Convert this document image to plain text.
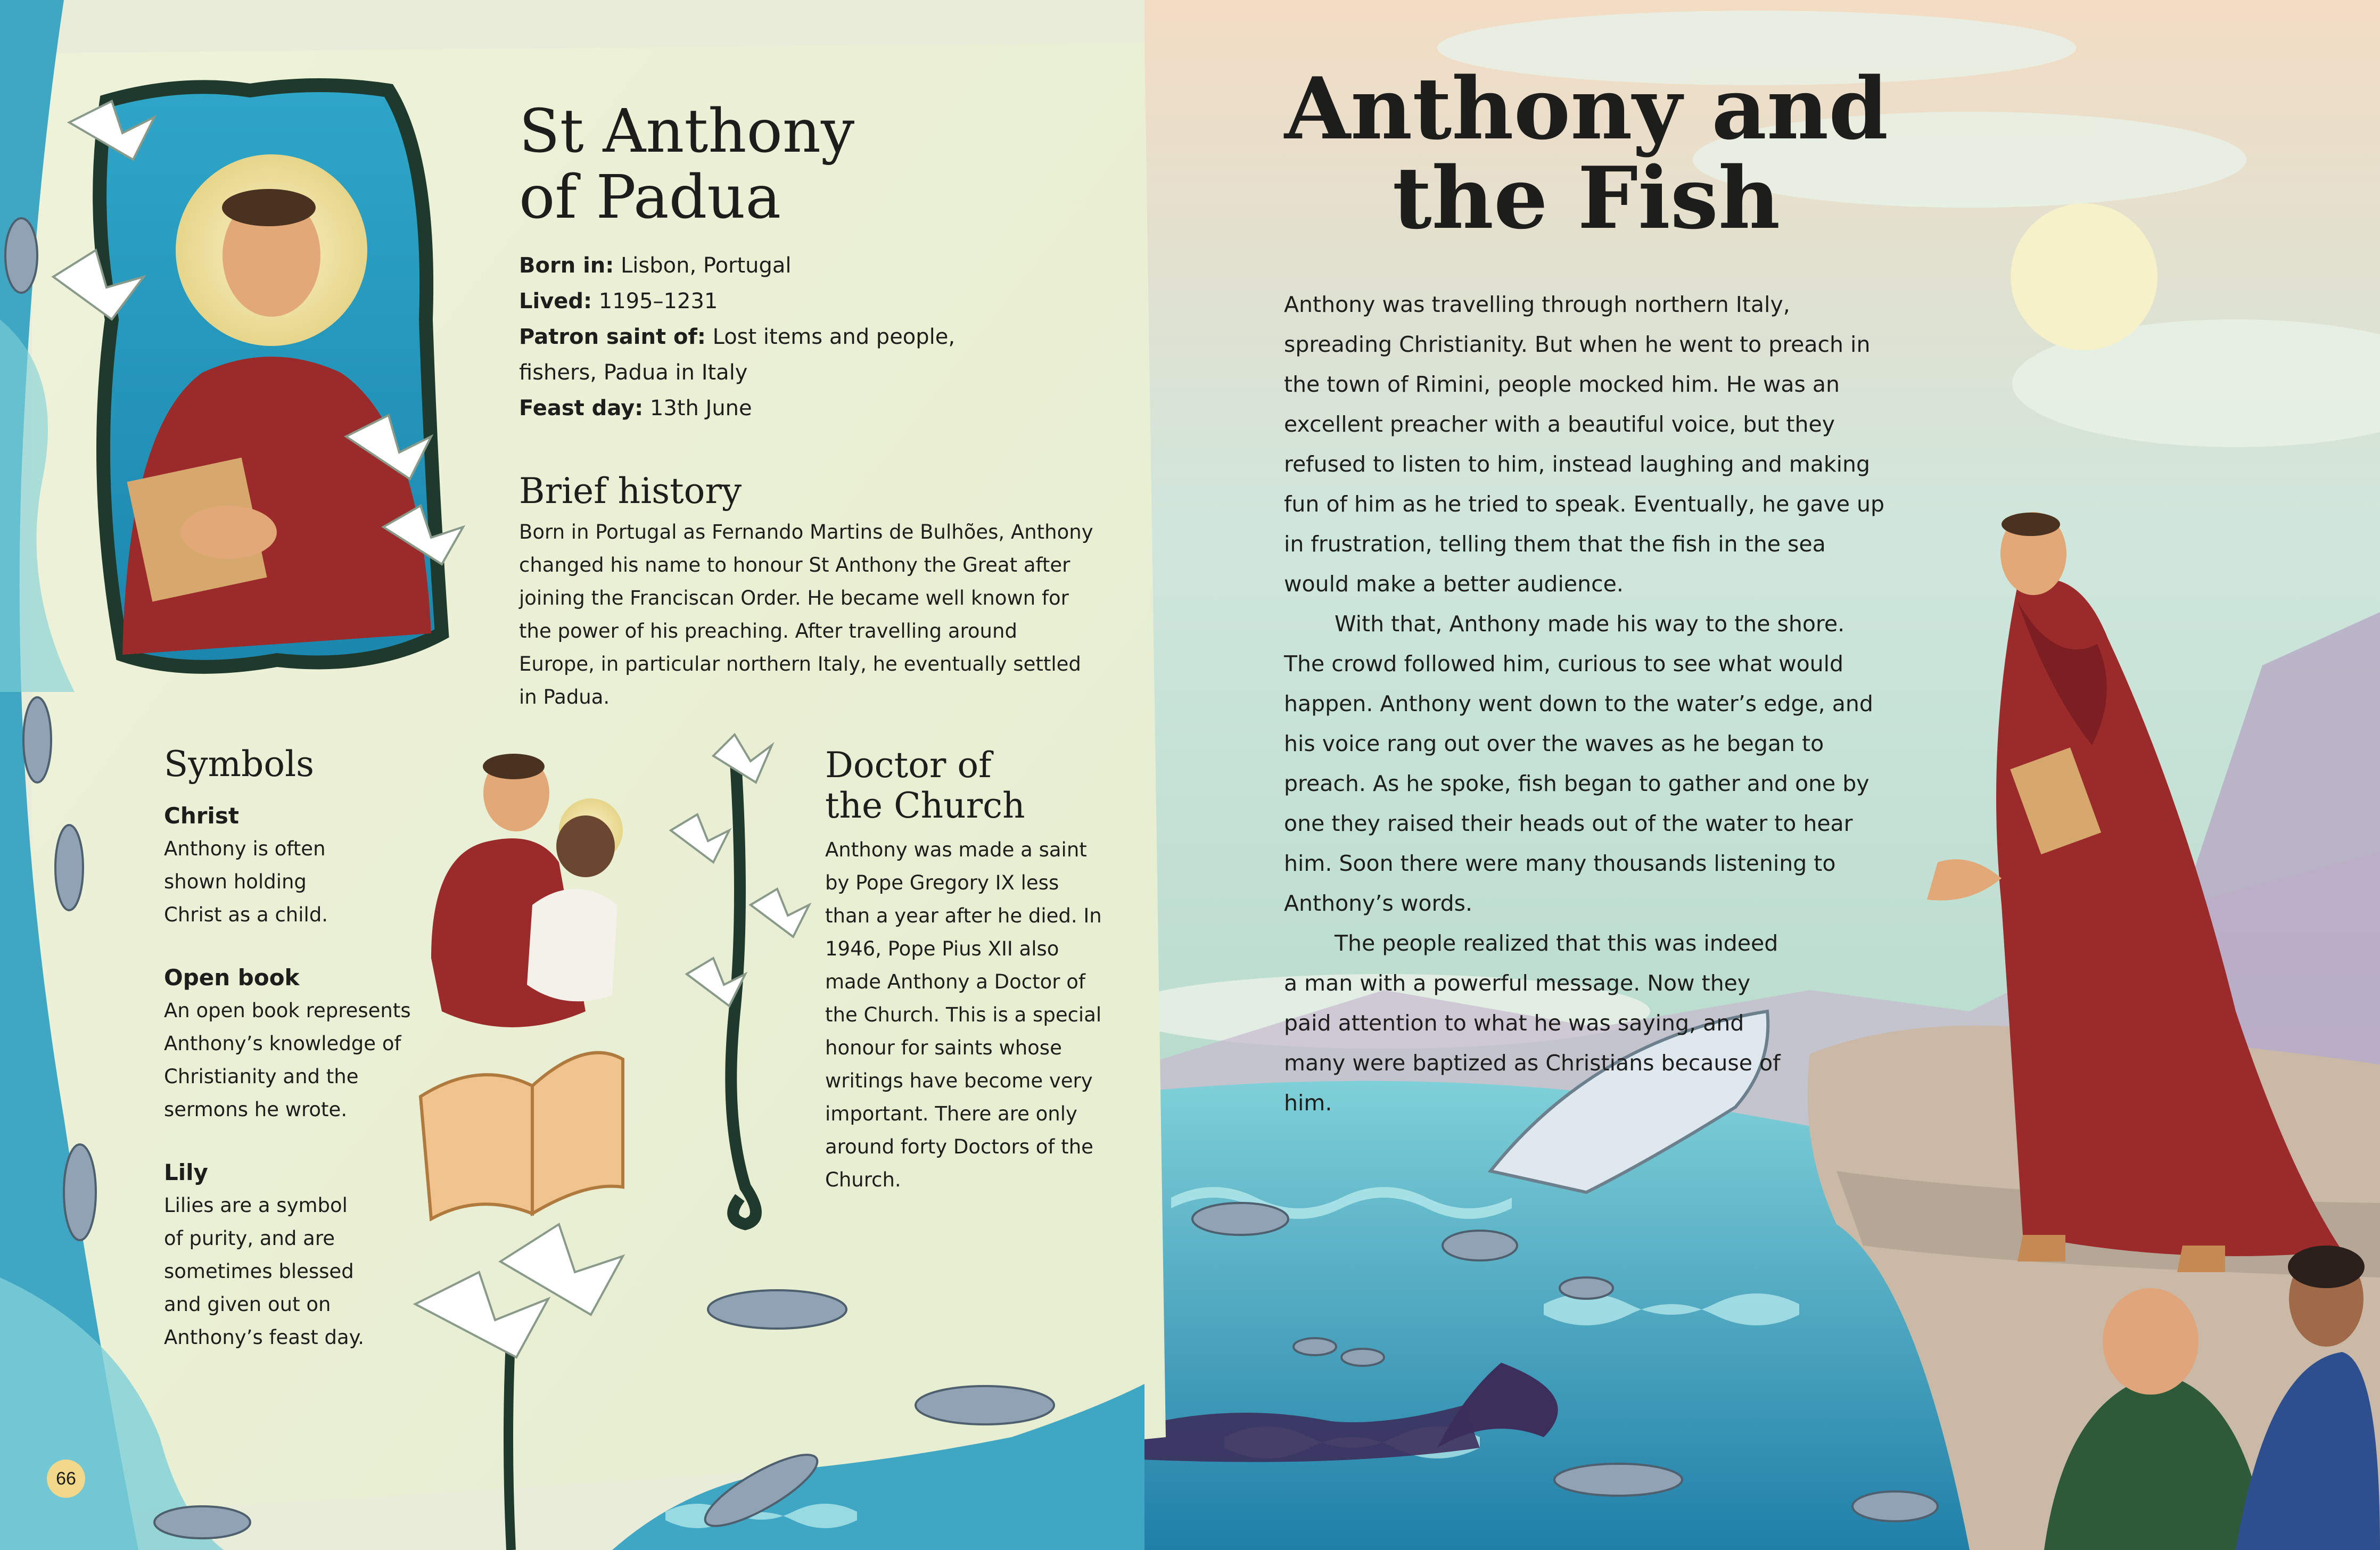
St Anthony
of Padua
Born in: Lisbon, Portugal
Lived: 1195–1231
Patron saint of: Lost items and people,
fishers, Padua in Italy
Feast day: 13th June
Brief history

Born in Portugal as Fernando Martins de Bulhões, Anthony changed his name to honour St Anthony the Great after joining the Franciscan Order. He became well known for the power of his preaching. After travelling around Europe, in particular northern Italy, he eventually settled in Padua.

Symbols

Christ

Anthony is often shown holding Christ as a child.

Open book

An open book represents Anthony’s knowledge of Christianity and the sermons he wrote.

Lily

Lilies are a symbol of purity, and are sometimes blessed and given out on Anthony’s feast day.

Doctor of
the Church

Anthony was made a saint by Pope Gregory IX less than a year after he died. In 1946, Pope Pius XII also made Anthony a Doctor of the Church. This is a special honour for saints whose writings have become very important. There are only around forty Doctors of the Church.

66
Anthony and
the Fish

Anthony was travelling through northern Italy, spreading Christianity. But when he went to preach in the town of Rimini, people mocked him. He was an excellent preacher with a beautiful voice, but they refused to listen to him, instead laughing and making fun of him as he tried to speak. Eventually, he gave up in frustration, telling them that the fish in the sea would make a better audience.

With that, Anthony made his way to the shore. The crowd followed him, curious to see what would happen. Anthony went down to the water’s edge, and his voice rang out over the waves as he began to preach. As he spoke, fish began to gather and one by one they raised their heads out of the water to hear him. Soon there were many thousands listening to Anthony’s words.

The people realized that this was indeed a man with a powerful message. Now they paid attention to what he was saying, and many were baptized as Christians because of him.
